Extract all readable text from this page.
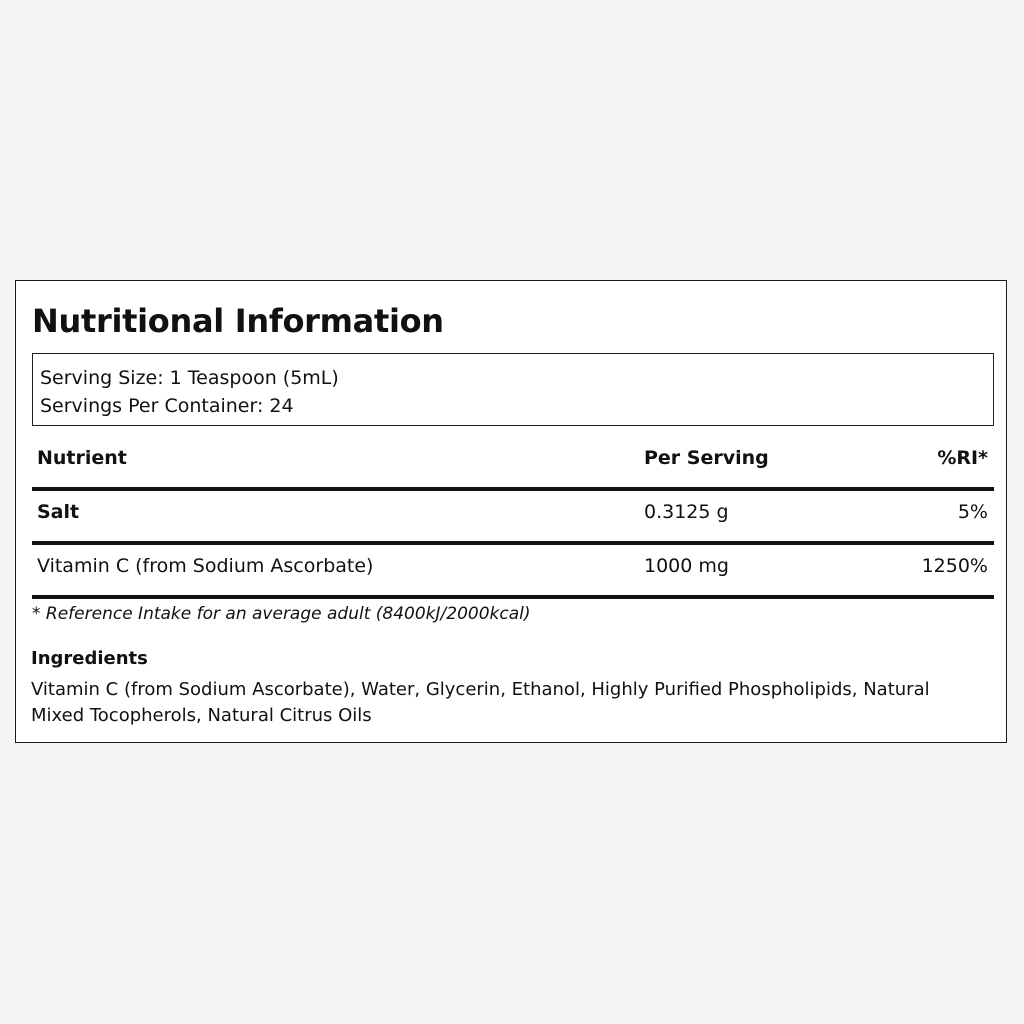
Nutritional Information
Serving Size: 1 Teaspoon (5mL)
Servings Per Container: 24
Nutrient	Per Serving	%RI*
Salt	0.3125 g	5%
Vitamin C (from Sodium Ascorbate)	1000 mg	1250%
* Reference Intake for an average adult (8400kJ/2000kcal)
Ingredients
Vitamin C (from Sodium Ascorbate), Water, Glycerin, Ethanol, Highly Purified Phospholipids, Natural Mixed Tocopherols, Natural Citrus Oils
